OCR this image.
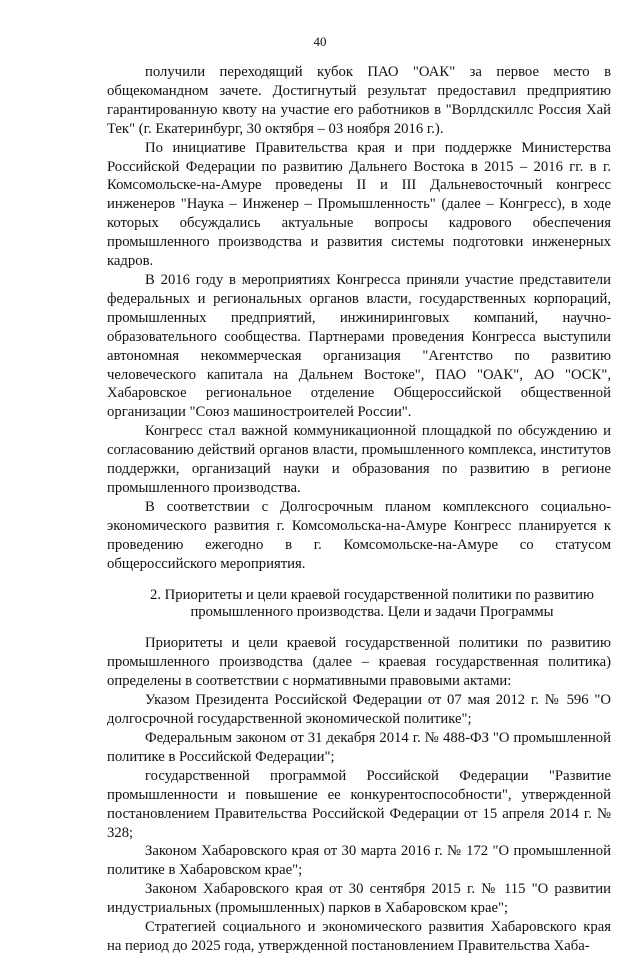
40

получили переходящий кубок ПАО "ОАК" за первое место в общекомандном зачете. Достигнутый результат предоставил предприятию гарантированную квоту на участие его работников в "Ворлдскиллс Россия Хай Тек" (г. Екатеринбург, 30 октября – 03 ноября 2016 г.).

По инициативе Правительства края и при поддержке Министерства Российской Федерации по развитию Дальнего Востока в 2015 – 2016 гг. в г. Комсомольске-на-Амуре проведены II и III Дальневосточный конгресс инженеров "Наука – Инженер – Промышленность" (далее – Конгресс), в ходе которых обсуждались актуальные вопросы кадрового обеспечения промышленного производства и развития системы подготовки инженерных кадров.

В 2016 году в мероприятиях Конгресса приняли участие представители федеральных и региональных органов власти, государственных корпораций, промышленных предприятий, инжиниринговых компаний, научно-образовательного сообщества. Партнерами проведения Конгресса выступили автономная некоммерческая организация "Агентство по развитию человеческого капитала на Дальнем Востоке", ПАО "ОАК", АО "ОСК", Хабаровское региональное отделение Общероссийской общественной организации "Союз машиностроителей России".

Конгресс стал важной коммуникационной площадкой по обсуждению и согласованию действий органов власти, промышленного комплекса, институтов поддержки, организаций науки и образования по развитию в регионе промышленного производства.

В соответствии с Долгосрочным планом комплексного социально-экономического развития г. Комсомольска-на-Амуре Конгресс планируется к проведению ежегодно в г. Комсомольске-на-Амуре со статусом общероссийского мероприятия.

2. Приоритеты и цели краевой государственной политики по развитию
промышленного производства. Цели и задачи Программы

Приоритеты и цели краевой государственной политики по развитию промышленного производства (далее – краевая государственная политика) определены в соответствии с нормативными правовыми актами:

Указом Президента Российской Федерации от 07 мая 2012 г. № 596 "О долгосрочной государственной экономической политике";

Федеральным законом от 31 декабря 2014 г. № 488-ФЗ "О промышленной политике в Российской Федерации";

государственной программой Российской Федерации "Развитие промышленности и повышение ее конкурентоспособности", утвержденной постановлением Правительства Российской Федерации от 15 апреля 2014 г. № 328;

Законом Хабаровского края от 30 марта 2016 г. № 172 "О промышленной политике в Хабаровском крае";

Законом Хабаровского края от 30 сентября 2015 г. № 115 "О развитии индустриальных (промышленных) парков в Хабаровском крае";

Стратегией социального и экономического развития Хабаровского края на период до 2025 года, утвержденной постановлением Правительства Хаба-
